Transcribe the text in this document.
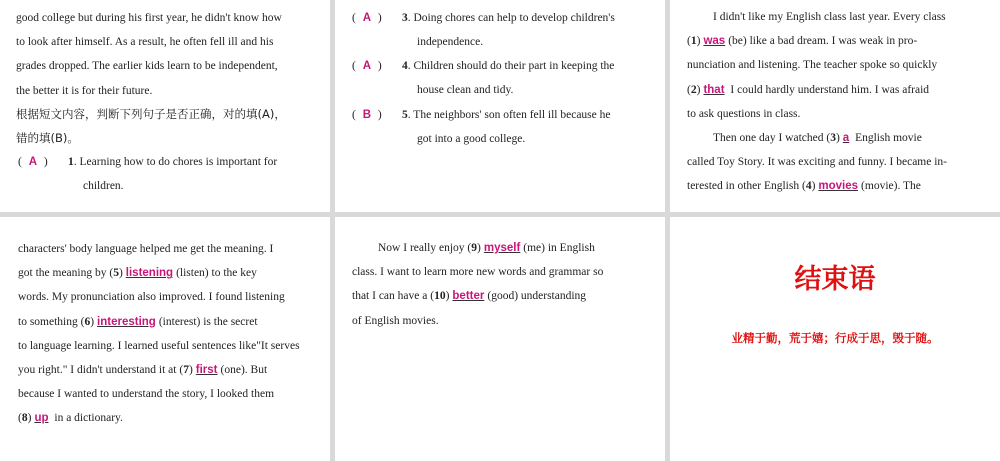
good college but during his first year, he didn't know how
to look after himself. As a result, he often fell ill and his
grades dropped. The earlier kids learn to be independent,
the better it is for their future.
根据短文内容，判断下列句子是否正确，对的填(A)，
错的填(B)。
( A ) 1. Learning how to do chores is important for
children.
( A ) 3. Doing chores can help to develop children's
independence.
( A ) 4. Children should do their part in keeping the
house clean and tidy.
( B ) 5. The neighbors' son often fell ill because he
got into a good college.
I didn't like my English class last year. Every class
(1) was (be) like a bad dream. I was weak in pro-
nunciation and listening. The teacher spoke so quickly
(2) that I could hardly understand him. I was afraid
to ask questions in class.
Then one day I watched (3) a English movie
called Toy Story. It was exciting and funny. I became in-
terested in other English (4) movies (movie). The
characters' body language helped me get the meaning. I
got the meaning by (5) listening (listen) to the key
words. My pronunciation also improved. I found listening
to something (6) interesting (interest) is the secret
to language learning. I learned useful sentences like"It serves
you right." I didn't understand it at (7) first (one). But
because I wanted to understand the story, I looked them
(8) up in a dictionary.
Now I really enjoy (9) myself (me) in English
class. I want to learn more new words and grammar so
that I can have a (10) better (good) understanding
of English movies.
结束语
业精于勤，荒于嬉；行成于思，毁于随。
